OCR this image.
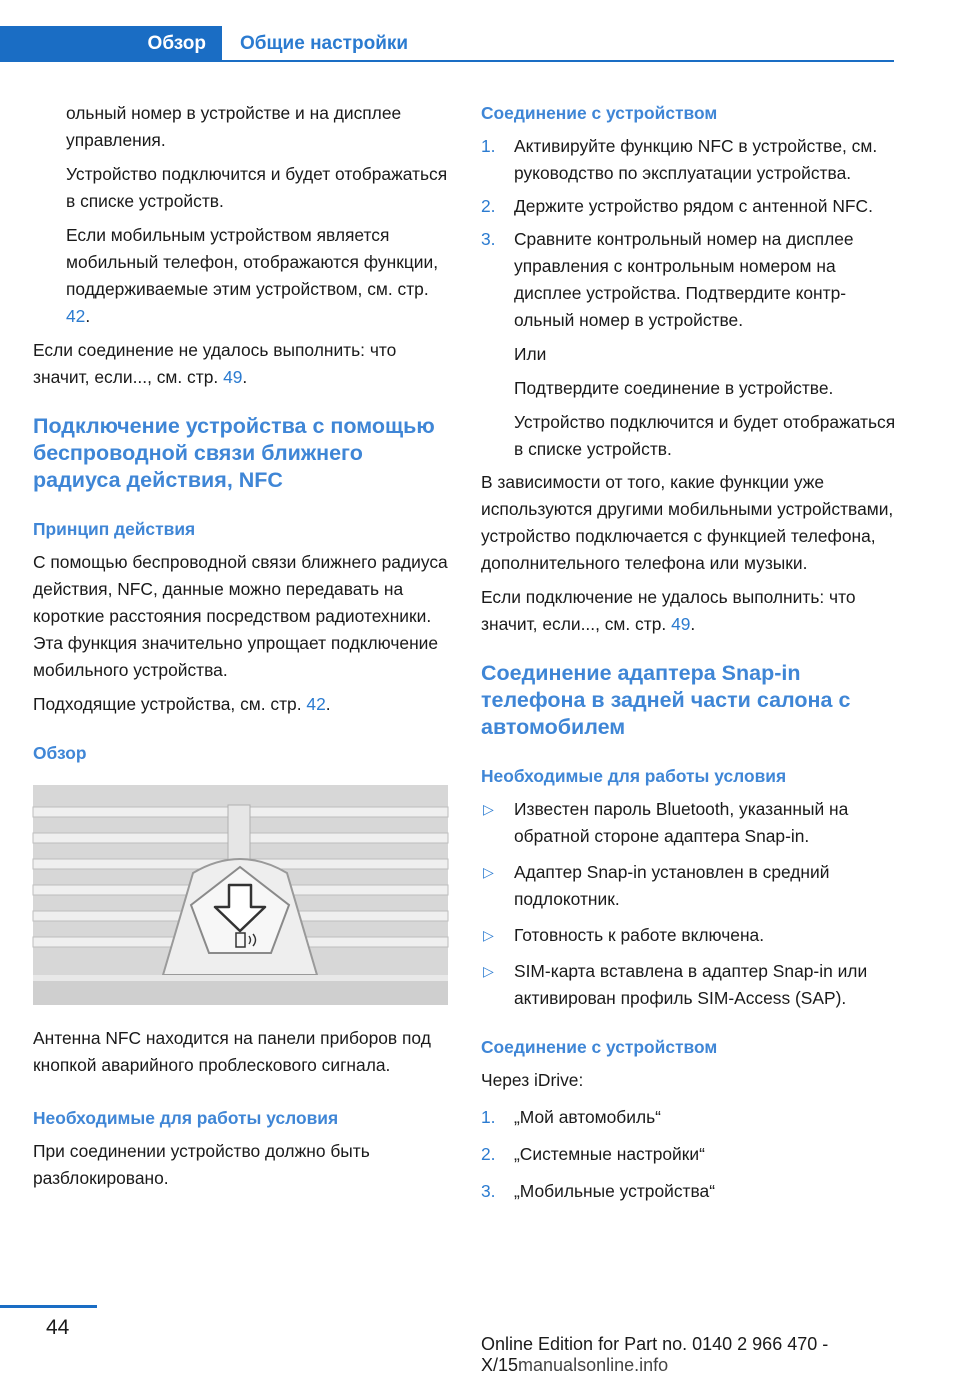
Обзор Общие настройки

ольный номер в устройстве и на дисплее управления.

Устройство подключится и будет отображаться в списке устройств.

Если мобильным устройством является мобильный телефон, отображаются функции, поддерживаемые этим устройством, см. стр. 42.

Если соединение не удалось выполнить: что значит, если..., см. стр. 49.

Подключение устройства с помощью беспроводной связи ближнего радиуса действия, NFC
Принцип действия

С помощью беспроводной связи ближнего радиуса действия, NFC, данные можно передавать на короткие расстояния посредством радиотехники. Эта функция значительно упрощает подключение мобильного устройства.

Подходящие устройства, см. стр. 42.

Обзор

Антенна NFC находится на панели приборов под кнопкой аварийного проблескового сигнала.

Необходимые для работы условия

При соединении устройство должно быть разблокировано.

Соединение с устройством
1. Активируйте функцию NFC в устройстве, см. руководство по эксплуатации устройства.
2. Держите устройство рядом с антенной NFC.
3. Сравните контрольный номер на дисплее управления с контрольным номером на дисплее устройства. Подтвердите контрольный номер в устройстве.

Или

Подтвердите соединение в устройстве.

Устройство подключится и будет отображаться в списке устройств.

В зависимости от того, какие функции уже используются другими мобильными устройствами, устройство подключается с функцией телефона, дополнительного телефона или музыки.

Если подключение не удалось выполнить: что значит, если..., см. стр. 49.

Соединение адаптера Snap-in телефона в задней части салона с автомобилем
Необходимые для работы условия
▷ Известен пароль Bluetooth, указанный на обратной стороне адаптера Snap-in.
▷ Адаптер Snap-in установлен в средний подлокотник.
▷ Готовность к работе включена.
▷ SIM-карта вставлена в адаптер Snap-in или активирован профиль SIM-Access (SAP).
Соединение с устройством

Через iDrive:

1. „Мой автомобиль“
2. „Системные настройки“
3. „Мобильные устройства“
44
Online Edition for Part no. 0140 2 966 470 - X/15manualsonline.info
